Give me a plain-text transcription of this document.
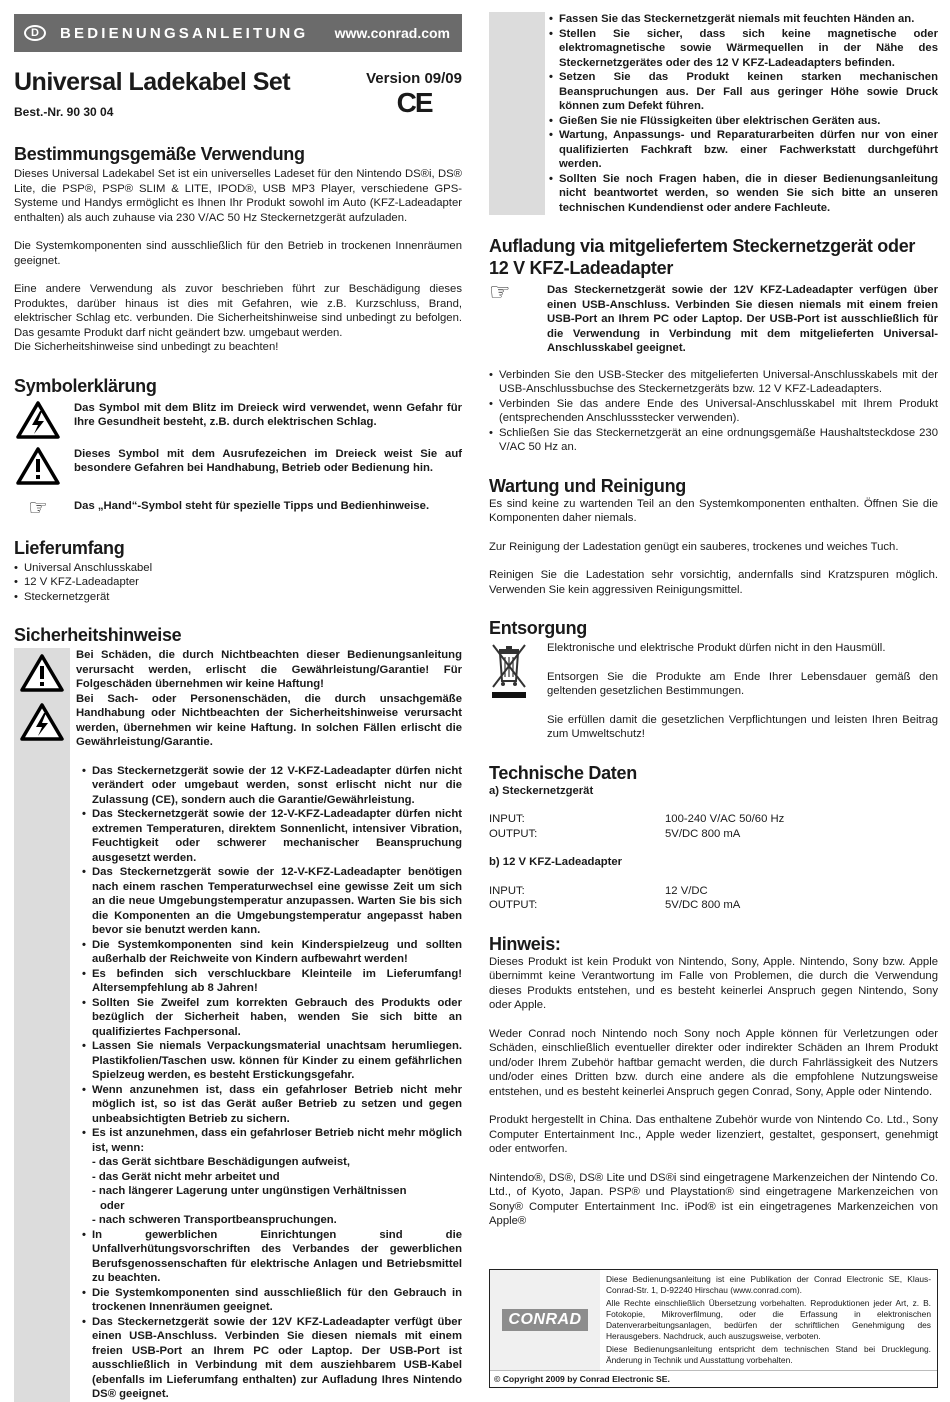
D	BEDIENUNGSANLEITUNG	www.conrad.com
Universal Ladekabel Set	Version 09/09
CE
Best.-Nr. 90 30 04
Bestimmungsgemäße Verwendung

Dieses Universal Ladekabel Set ist ein universelles Ladeset für den Nintendo DS®i, DS® Lite, die PSP®, PSP® SLIM & LITE, IPOD®, USB MP3 Player, verschiedene GPS-Systeme und Handys ermöglicht es Ihnen Ihr Produkt sowohl im Auto (KFZ-Ladeadapter enthalten) als auch zuhause via 230 V/AC 50 Hz Steckernetzgerät aufzuladen.

Die Systemkomponenten sind ausschließlich für den Betrieb in trockenen Innenräumen geeignet.

Eine andere Verwendung als zuvor beschrieben führt zur Beschädigung dieses Produktes, darüber hinaus ist dies mit Gefahren, wie z.B. Kurzschluss, Brand, elektrischer Schlag etc. verbunden. Die Sicherheitshinweise sind unbedingt zu befolgen. Das gesamte Produkt darf nicht geändert bzw. umgebaut werden.

Die Sicherheitshinweise sind unbedingt zu beachten!

Symbolerklärung
Das Symbol mit dem Blitz im Dreieck wird verwendet, wenn Gefahr für Ihre Gesundheit besteht, z.B. durch elektrischen Schlag.
Dieses Symbol mit dem Ausrufezeichen im Dreieck weist Sie auf besondere Gefahren bei Handhabung, Betrieb oder Bedienung hin.
☞	Das „Hand“-Symbol steht für spezielle Tipps und Bedienhinweise.
Lieferumfang
• Universal Anschlusskabel
• 12 V KFZ-Ladeadapter
• Steckernetzgerät
Sicherheitshinweise

Bei Schäden, die durch Nichtbeachten dieser Bedienungsanleitung verursacht werden, erlischt die Gewährleistung/Garantie! Für Folgeschäden übernehmen wir keine Haftung!

Bei Sach- oder Personenschäden, die durch unsachgemäße Handhabung oder Nichtbeachten der Sicherheitshinweise verursacht werden, übernehmen wir keine Haftung. In solchen Fällen erlischt die Gewährleistung/Garantie.

• Das Steckernetzgerät sowie der 12 V-KFZ-Ladeadapter dürfen nicht verändert oder umgebaut werden, sonst erlischt nicht nur die Zulassung (CE), sondern auch die Garantie/Gewährleistung.
• Das Steckernetzgerät sowie der 12-V-KFZ-Ladeadapter dürfen nicht extremen Temperaturen, direktem Sonnenlicht, intensiver Vibration, Feuchtigkeit oder schwerer mechanischer Beanspruchung ausgesetzt werden.
• Das Steckernetzgerät sowie der 12-V-KFZ-Ladeadapter benötigen nach einem raschen Temperaturwechsel eine gewisse Zeit um sich an die neue Umgebungstemperatur anzupassen. Warten Sie bis sich die Komponenten an die Umgebungstemperatur angepasst haben bevor sie benutzt werden kann.
• Die Systemkomponenten sind kein Kinderspielzeug und sollten außerhalb der Reichweite von Kindern aufbewahrt werden!
• Es befinden sich verschluckbare Kleinteile im Lieferumfang! Altersempfehlung ab 8 Jahren!
• Sollten Sie Zweifel zum korrekten Gebrauch des Produkts oder bezüglich der Sicherheit haben, wenden Sie sich bitte an qualifiziertes Fachpersonal.
• Lassen Sie niemals Verpackungsmaterial unachtsam herumliegen. Plastikfolien/Taschen usw. können für Kinder zu einem gefährlichen Spielzeug werden, es besteht Erstickungsgefahr.
• Wenn anzunehmen ist, dass ein gefahrloser Betrieb nicht mehr möglich ist, so ist das Gerät außer Betrieb zu setzen und gegen unbeabsichtigten Betrieb zu sichern.
• Es ist anzunehmen, dass ein gefahrloser Betrieb nicht mehr möglich ist, wenn:
- das Gerät sichtbare Beschädigungen aufweist,
- das Gerät nicht mehr arbeitet und
- nach längerer Lagerung unter ungünstigen Verhältnissen
oder
- nach schweren Transportbeanspruchungen.
• In gewerblichen Einrichtungen sind die Unfallverhütungsvorschriften des Verbandes der gewerblichen Berufsgenossenschaften für elektrische Anlagen und Betriebsmittel zu beachten.
• Die Systemkomponenten sind ausschließlich für den Gebrauch in trockenen Innenräumen geeignet.
• Das Steckernetzgerät sowie der 12V KFZ-Ladeadapter verfügt über einen USB-Anschluss. Verbinden Sie diesen niemals mit einem freien USB-Port an Ihrem PC oder Laptop. Der USB-Port ist ausschließlich in Verbindung mit dem ausziehbarem USB-Kabel (ebenfalls im Lieferumfang enthalten) zur Aufladung Ihres Nintendo DS® geeignet.
• Fassen Sie das Steckernetzgerät niemals mit feuchten Händen an.
• Stellen Sie sicher, dass sich keine magnetische oder elektromagnetische sowie Wärmequellen in der Nähe des Steckernetzgerätes oder des 12 V KFZ-Ladeadapters befinden.
• Setzen Sie das Produkt keinen starken mechanischen Beanspruchungen aus. Der Fall aus geringer Höhe sowie Druck können zum Defekt führen.
• Gießen Sie nie Flüssigkeiten über elektrischen Geräten aus.
• Wartung, Anpassungs- und Reparaturarbeiten dürfen nur von einer qualifizierten Fachkraft bzw. einer Fachwerkstatt durchgeführt werden.
• Sollten Sie noch Fragen haben, die in dieser Bedienungsanleitung nicht beantwortet werden, so wenden Sie sich bitte an unseren technischen Kundendienst oder andere Fachleute.
Aufladung via mitgeliefertem Steckernetzgerät oder 12 V KFZ-Ladeadapter
☞	Das Steckernetzgerät sowie der 12V KFZ-Ladeadapter verfügen über einen USB-Anschluss. Verbinden Sie diesen niemals mit einem freien USB-Port an Ihrem PC oder Laptop. Der USB-Port ist ausschließlich für die Verwendung in Verbindung mit dem mitgelieferten Universal-Anschlusskabel geeignet.
• Verbinden Sie den USB-Stecker des mitgelieferten Universal-Anschlusskabels mit der USB-Anschlussbuchse des Steckernetzgeräts bzw. 12 V KFZ-Ladeadapters.
• Verbinden Sie das andere Ende des Universal-Anschlusskabel mit Ihrem Produkt (entsprechenden Anschlussstecker verwenden).
• Schließen Sie das Steckernetzgerät an eine ordnungsgemäße Haushaltsteckdose 230 V/AC 50 Hz an.
Wartung und Reinigung

Es sind keine zu wartenden Teil an den Systemkomponenten enthalten. Öffnen Sie die Komponenten daher niemals.

Zur Reinigung der Ladestation genügt ein sauberes, trockenes und weiches Tuch.

Reinigen Sie die Ladestation sehr vorsichtig, andernfalls sind Kratzspuren möglich. Verwenden Sie kein aggressiven Reinigungsmittel.

Entsorgung

Elektronische und elektrische Produkt dürfen nicht in den Hausmüll.

Entsorgen Sie die Produkte am Ende Ihrer Lebensdauer gemäß den geltenden gesetzlichen Bestimmungen.

Sie erfüllen damit die gesetzlichen Verpflichtungen und leisten Ihren Beitrag zum Umweltschutz!

Technische Daten
a) Steckernetzgerät
INPUT:	100-240 V/AC 50/60 Hz
OUTPUT:	5V/DC 800 mA
b) 12 V KFZ-Ladeadapter
INPUT:	12 V/DC
OUTPUT:	5V/DC 800 mA
Hinweis:

Dieses Produkt ist kein Produkt von Nintendo, Sony, Apple. Nintendo, Sony bzw. Apple übernimmt keine Verantwortung im Falle von Problemen, die durch die Verwendung dieses Produkts entstehen, und es besteht keinerlei Anspruch gegen Nintendo, Sony oder Apple.

Weder Conrad noch Nintendo noch Sony noch Apple können für Verletzungen oder Schäden, einschließlich eventueller direkter oder indirekter Schäden an Ihrem Produkt und/oder Ihrem Zubehör haftbar gemacht werden, die durch Fahrlässigkeit des Nutzers und/oder eines Dritten bzw. durch eine andere als die empfohlene Nutzungsweise entstehen, und es besteht keinerlei Anspruch gegen Conrad, Sony, Apple oder Nintendo.

Produkt hergestellt in China. Das enthaltene Zubehör wurde von Nintendo Co. Ltd., Sony Computer Entertainment Inc., Apple weder lizenziert, gestaltet, gesponsert, genehmigt oder entworfen.

Nintendo®, DS®, DS® Lite und DS®i sind eingetragene Markenzeichen der Nintendo Co. Ltd., of Kyoto, Japan. PSP® und Playstation® sind eingetragene Markenzeichen von Sony® Computer Entertainment Inc. iPod® ist ein eingetragenes Markenzeichen von Apple®

CONRAD
Diese Bedienungsanleitung ist eine Publikation der Conrad Electronic SE, Klaus-Conrad-Str. 1, D-92240 Hirschau (www.conrad.com).
Alle Rechte einschließlich Übersetzung vorbehalten. Reproduktionen jeder Art, z. B. Fotokopie, Mikroverfilmung, oder die Erfassung in elektronischen Datenverarbeitungsanlagen, bedürfen der schriftlichen Genehmigung des Herausgebers. Nachdruck, auch auszugsweise, verboten.
Diese Bedienungsanleitung entspricht dem technischen Stand bei Drucklegung. Änderung in Technik und Ausstattung vorbehalten.
© Copyright 2009 by Conrad Electronic SE.
